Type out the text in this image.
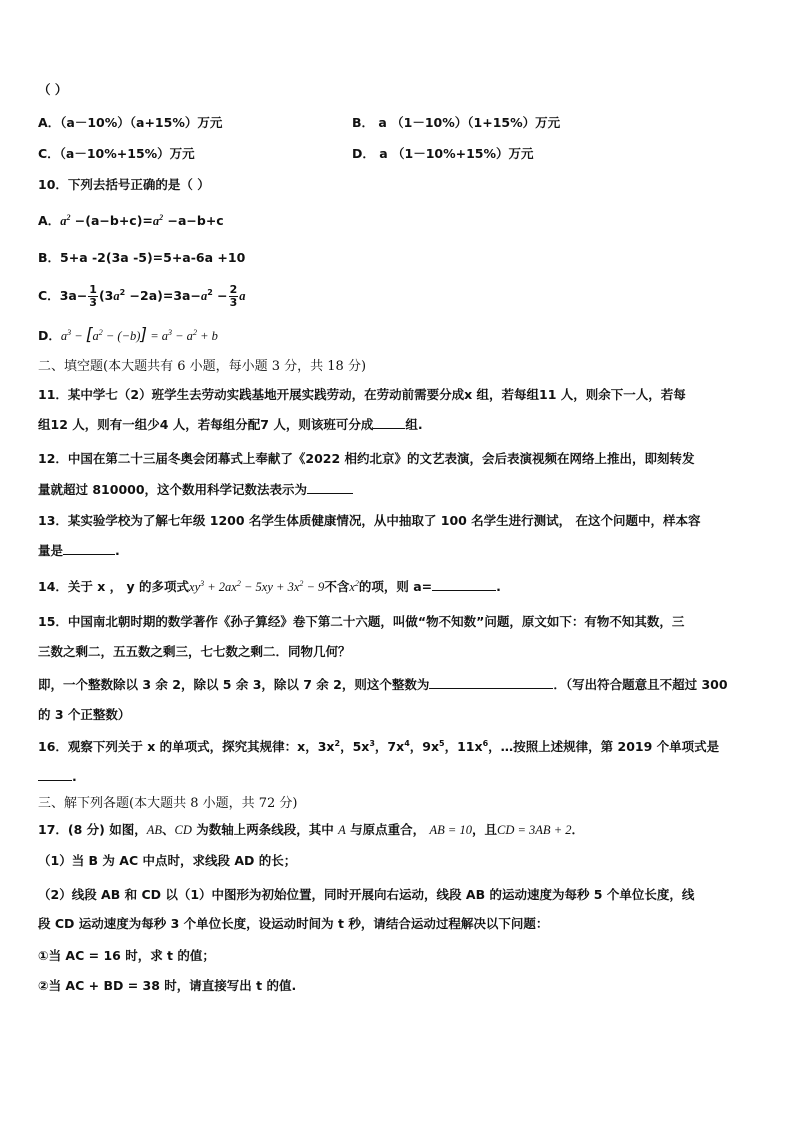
（ ）
A．（a－10%）（a+15%）万元	B． a （1－10%）（1+15%）万元
C．（a－10%+15%）万元	D． a （1－10%+15%）万元
10．下列去括号正确的是（ ）
A．$a^2 -(a-b+c)=a^2 -a-b+c$
B．5+a -2(3a -5)=5+a-6a +10
C．$3a- \frac{1}{3} (3a^2 -2a)=3a-a^2 - \frac{2}{3}$ a
D．$a^3 - [a^2 - (-b)] = a^3 - a^2 + b$
二、填空题(本大题共有 6 小题，每小题 3 分，共 18 分)
11．某中学七（2）班学生去劳动实践基地开展实践劳动，在劳动前需要分成x 组，若每组11 人，则余下一人，若每
组12 人，则有一组少4 人，若每组分配7 人，则该班可分成	组.
12．中国在第二十三届冬奥会闭幕式上奉献了《2022 相约北京》的文艺表演，会后表演视频在网络上推出，即刻转发
量就超过 810000，这个数用科学记数法表示为
13．某实验学校为了解七年级 1200 名学生体质健康情况，从中抽取了 100 名学生进行测试， 在这个问题中，样本容
量是	.
14．关于 x ， y 的多项式$xy^3 + 2ax^2 - 5xy + 3x^2 - 9$不含$x^2$的项，则 a=	.
15．中国南北朝时期的数学著作《孙子算经》卷下第二十六题，叫做“物不知数”问题，原文如下：有物不知其数，三
三数之剩二，五五数之剩三，七七数之剩二．同物几何？
即，一个整数除以 3 余 2，除以 5 余 3，除以 7 余 2，则这个整数为	．（写出符合题意且不超过 300
的 3 个正整数）
16．观察下列关于 x 的单项式，探究其规律：x，$3x^2$，$5x^3$，$7x^4$，$9x^5$，$11x^6$，…按照上述规律，第 2019 个单项式是
.
三、解下列各题(本大题共 8 小题，共 72 分)
17．(8 分) 如图，AB、CD 为数轴上两条线段，其中 A 与原点重合， AB = 10，且CD = 3AB + 2．
（1）当 B 为 AC 中点时，求线段 AD 的长；
（2）线段 AB 和 CD 以（1）中图形为初始位置，同时开展向右运动，线段 AB 的运动速度为每秒 5 个单位长度，线
段 CD 运动速度为每秒 3 个单位长度，设运动时间为 t 秒，请结合运动过程解决以下问题：
①当 AC = 16 时，求 t 的值；
②当 AC + BD = 38 时，请直接写出 t 的值.
